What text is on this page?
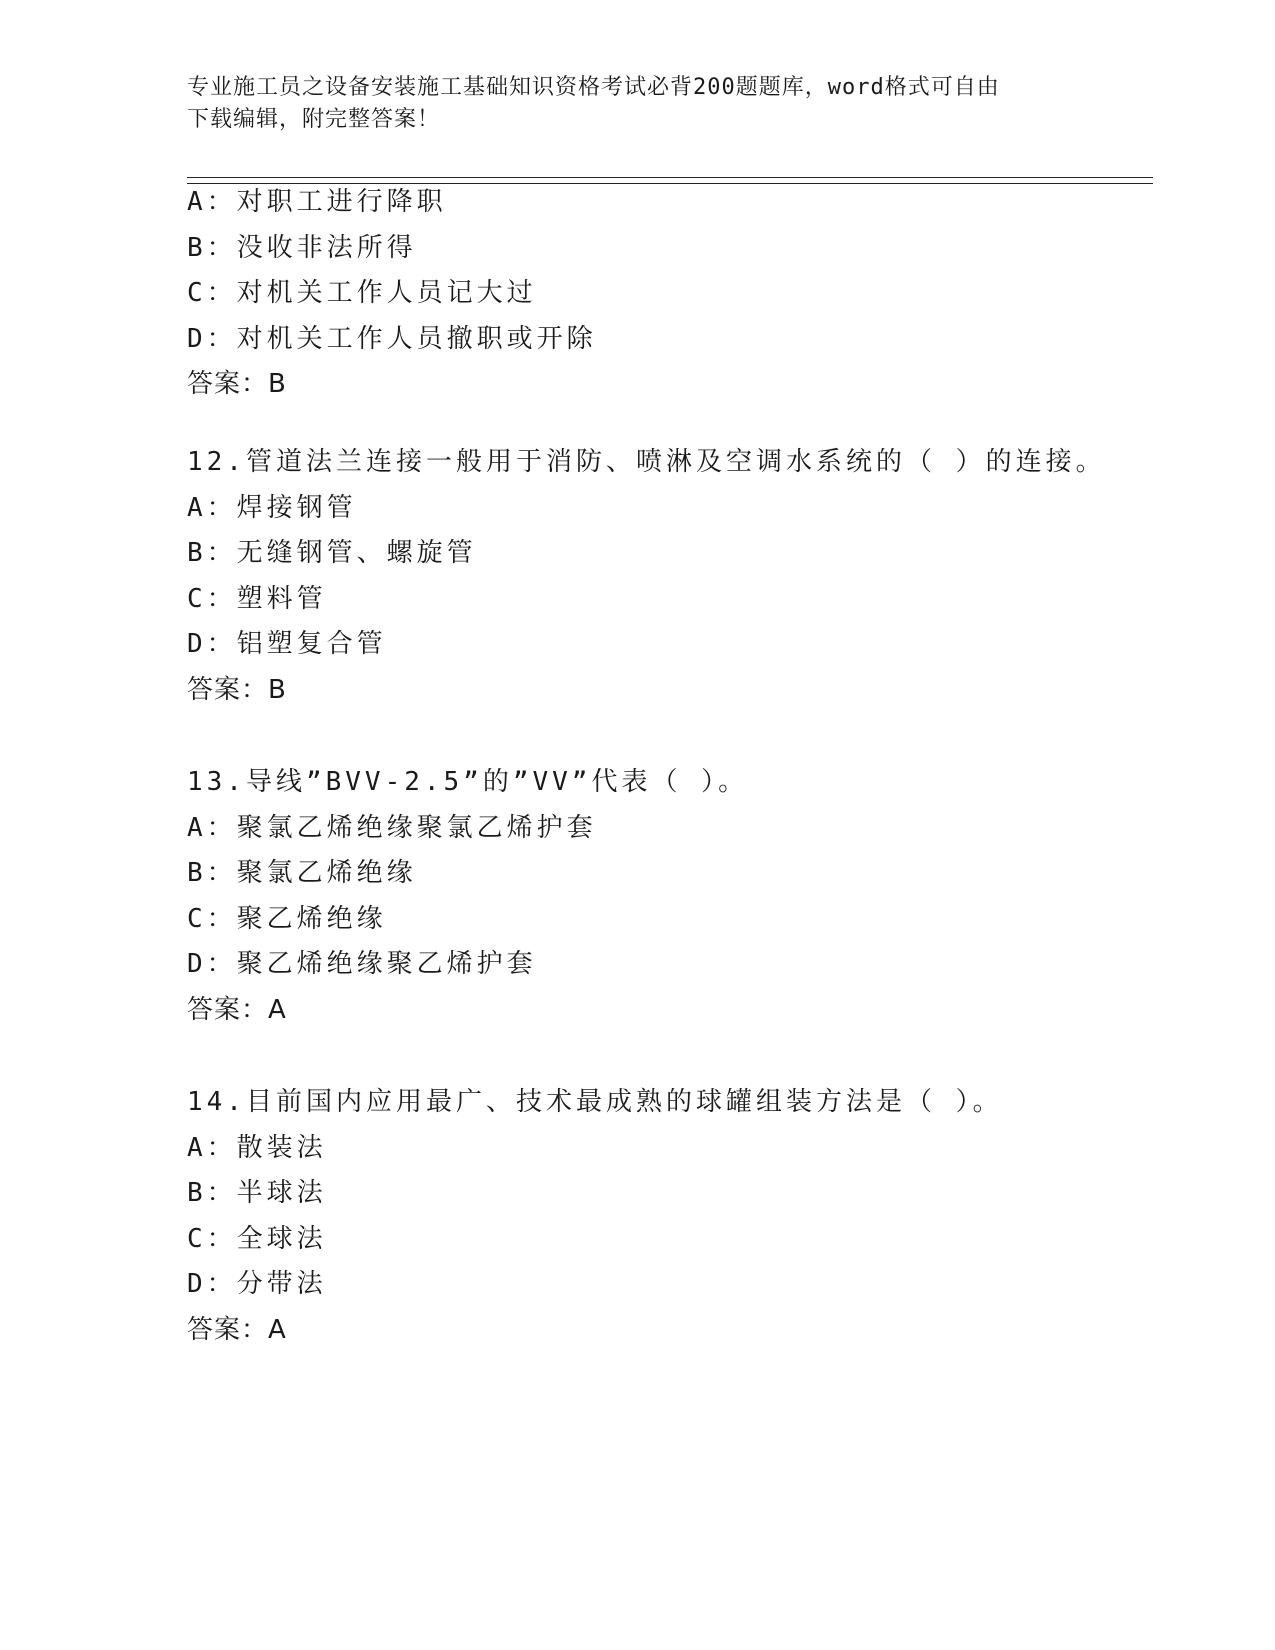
专业施工员之设备安装施工基础知识资格考试必背200题题库，word格式可自由
下载编辑，附完整答案！
A：对职工进行降职
B：没收非法所得
C：对机关工作人员记大过
D：对机关工作人员撤职或开除
答案：B
12.管道法兰连接一般用于消防、喷淋及空调水系统的（ ）的连接。
A：焊接钢管
B：无缝钢管、螺旋管
C：塑料管
D：铝塑复合管
答案：B
13.导线”BVV-2.5”的”VV”代表（ ）。
A：聚氯乙烯绝缘聚氯乙烯护套
B：聚氯乙烯绝缘
C：聚乙烯绝缘
D：聚乙烯绝缘聚乙烯护套
答案：A
14.目前国内应用最广、技术最成熟的球罐组装方法是（ ）。
A：散装法
B：半球法
C：全球法
D：分带法
答案：A
